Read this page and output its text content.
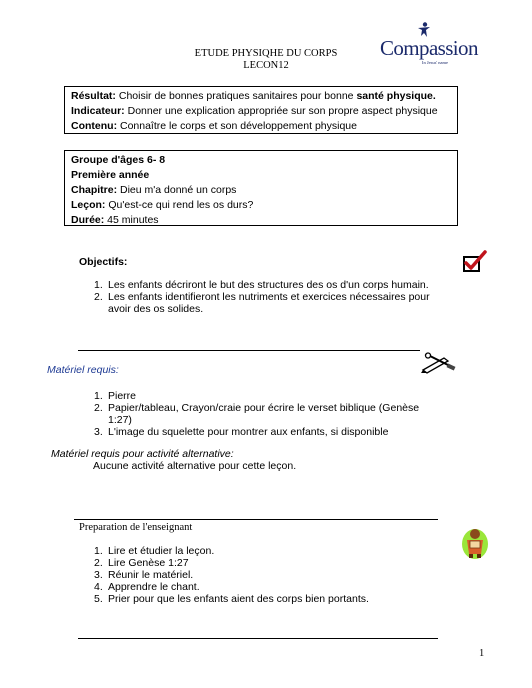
ETUDE PHYSIQHE DU CORPS
LECON12
Compassion
In Jesus' name
Résultat: Choisir de bonnes pratiques sanitaires pour bonne santé physique.
Indicateur: Donner une explication appropriée sur son propre aspect physique
Contenu: Connaître le corps et son développement physique
Groupe d'âges 6- 8
Première année
Chapitre: Dieu m'a donné un corps
Leçon: Qu'est-ce qui rend les os durs?
Durée: 45 minutes
Objectifs:
1. Les enfants décriront le but des structures des os d'un corps humain.
2. Les enfants identifieront les nutriments et exercices nécessaires pour
avoir des os solides.
Matériel requis:
1. Pierre
2. Papier/tableau, Crayon/craie pour écrire le verset biblique (Genèse
1:27)
3. L'image du squelette pour montrer aux enfants, si disponible
Matériel requis pour activité alternative:
Aucune activité alternative pour cette leçon.
Preparation de l'enseignant
1. Lire et étudier la leçon.
2. Lire Genèse 1:27
3. Réunir le matériel.
4. Apprendre le chant.
5. Prier pour que les enfants aient des corps bien portants.
1
